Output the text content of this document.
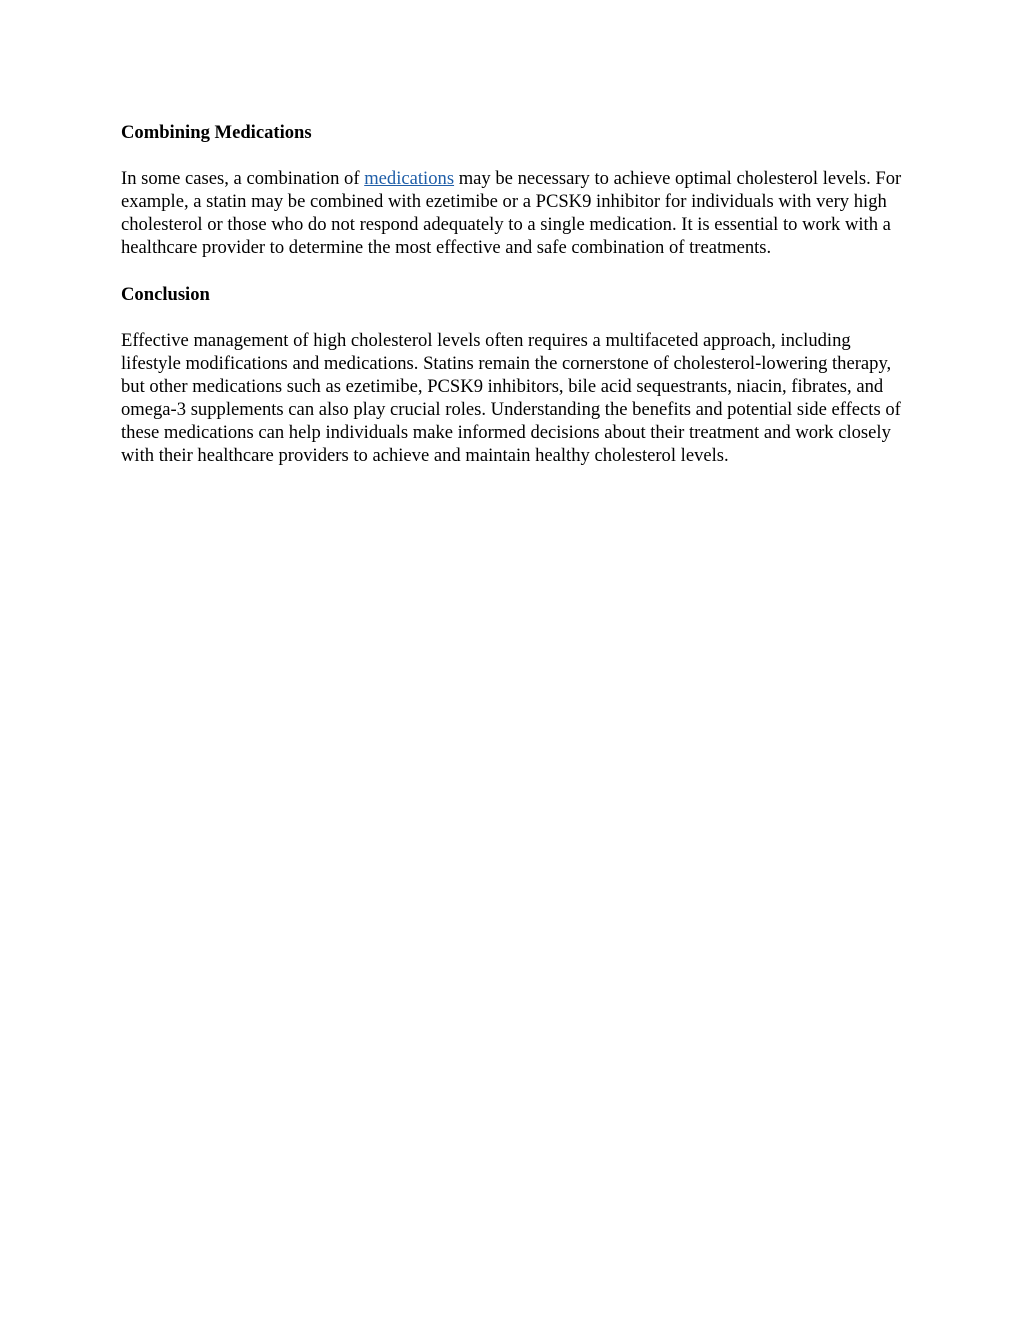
Combining Medications

In some cases, a combination of medications may be necessary to achieve optimal cholesterol levels. For example, a statin may be combined with ezetimibe or a PCSK9 inhibitor for individuals with very high cholesterol or those who do not respond adequately to a single medication. It is essential to work with a healthcare provider to determine the most effective and safe combination of treatments.

Conclusion

Effective management of high cholesterol levels often requires a multifaceted approach, including lifestyle modifications and medications. Statins remain the cornerstone of cholesterol-lowering therapy, but other medications such as ezetimibe, PCSK9 inhibitors, bile acid sequestrants, niacin, fibrates, and omega-3 supplements can also play crucial roles. Understanding the benefits and potential side effects of these medications can help individuals make informed decisions about their treatment and work closely with their healthcare providers to achieve and maintain healthy cholesterol levels.
